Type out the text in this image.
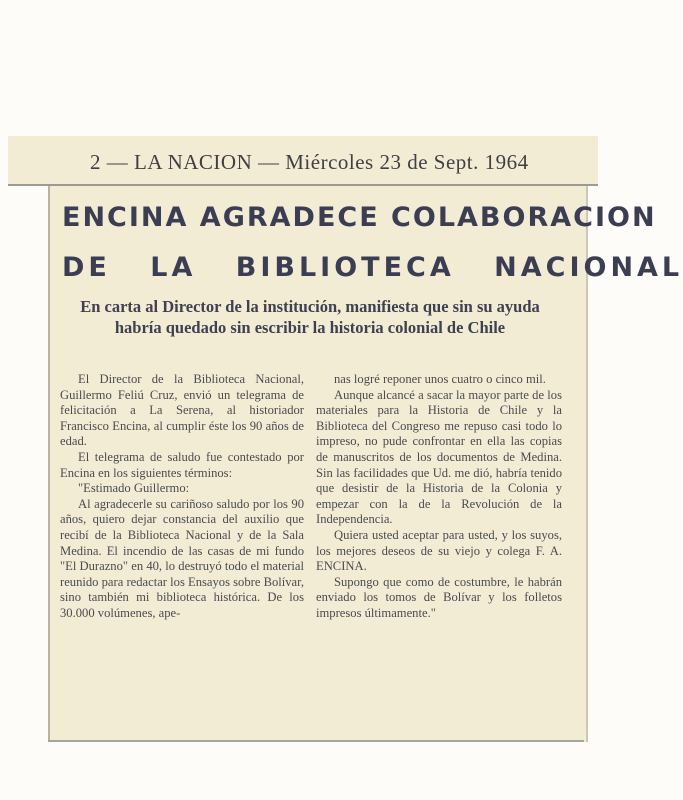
2 — LA NACION — Miércoles 23 de Sept. 1964
ENCINA AGRADECE COLABORACION
DE LA BIBLIOTECA NACIONAL
En carta al Director de la institución, manifiesta que sin su ayuda habría quedado sin escribir la historia colonial de Chile

El Director de la Biblioteca Nacional, Guillermo Feliú Cruz, envió un telegrama de felicitación a La Serena, al historiador Francisco Encina, al cumplir éste los 90 años de edad.

El telegrama de saludo fue contestado por Encina en los siguientes términos:

"Estimado Guillermo:

Al agradecerle su cariñoso saludo por los 90 años, quiero dejar constancia del auxilio que recibí de la Biblioteca Nacional y de la Sala Medina. El incendio de las casas de mi fundo "El Durazno" en 40, lo destruyó todo el material reunido para redactar los Ensayos sobre Bolívar, sino también mi biblioteca histórica. De los 30.000 volúmenes, ape-

nas logré reponer unos cuatro o cinco mil.

Aunque alcancé a sacar la mayor parte de los materiales para la Historia de Chile y la Biblioteca del Congreso me repuso casi todo lo impreso, no pude confrontar en ella las copias de manuscritos de los documentos de Medina. Sin las facilidades que Ud. me dió, habría tenido que desistir de la Historia de la Colonia y empezar con la de la Revolución de la Independencia.

Quiera usted aceptar para usted, y los suyos, los mejores deseos de su viejo y colega F. A. ENCINA.

Supongo que como de costumbre, le habrán enviado los tomos de Bolívar y los folletos impresos últimamente."
